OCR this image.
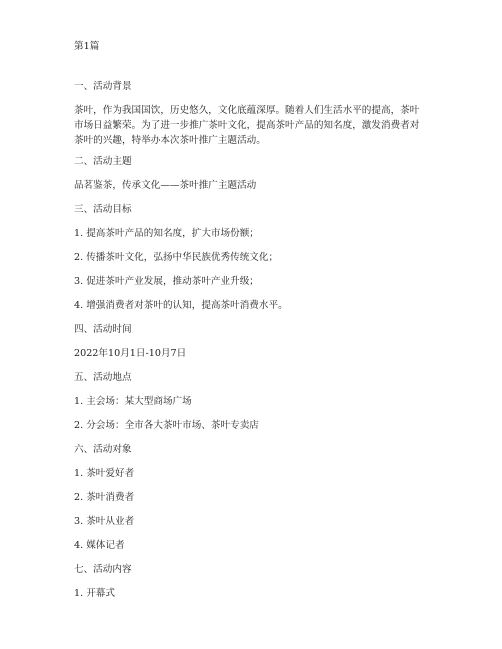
第1篇
一、活动背景
茶叶，作为我国国饮，历史悠久，文化底蕴深厚。随着人们生活水平的提高，茶叶
市场日益繁荣。为了进一步推广茶叶文化，提高茶叶产品的知名度，激发消费者对
茶叶的兴趣，特举办本次茶叶推广主题活动。
二、活动主题
品茗鉴茶，传承文化——茶叶推广主题活动
三、活动目标
1. 提高茶叶产品的知名度，扩大市场份额；
2. 传播茶叶文化，弘扬中华民族优秀传统文化；
3. 促进茶叶产业发展，推动茶叶产业升级；
4. 增强消费者对茶叶的认知，提高茶叶消费水平。
四、活动时间
2022年10月1日-10月7日
五、活动地点
1. 主会场：某大型商场广场
2. 分会场：全市各大茶叶市场、茶叶专卖店
六、活动对象
1. 茶叶爱好者
2. 茶叶消费者
3. 茶叶从业者
4. 媒体记者
七、活动内容
1. 开幕式
